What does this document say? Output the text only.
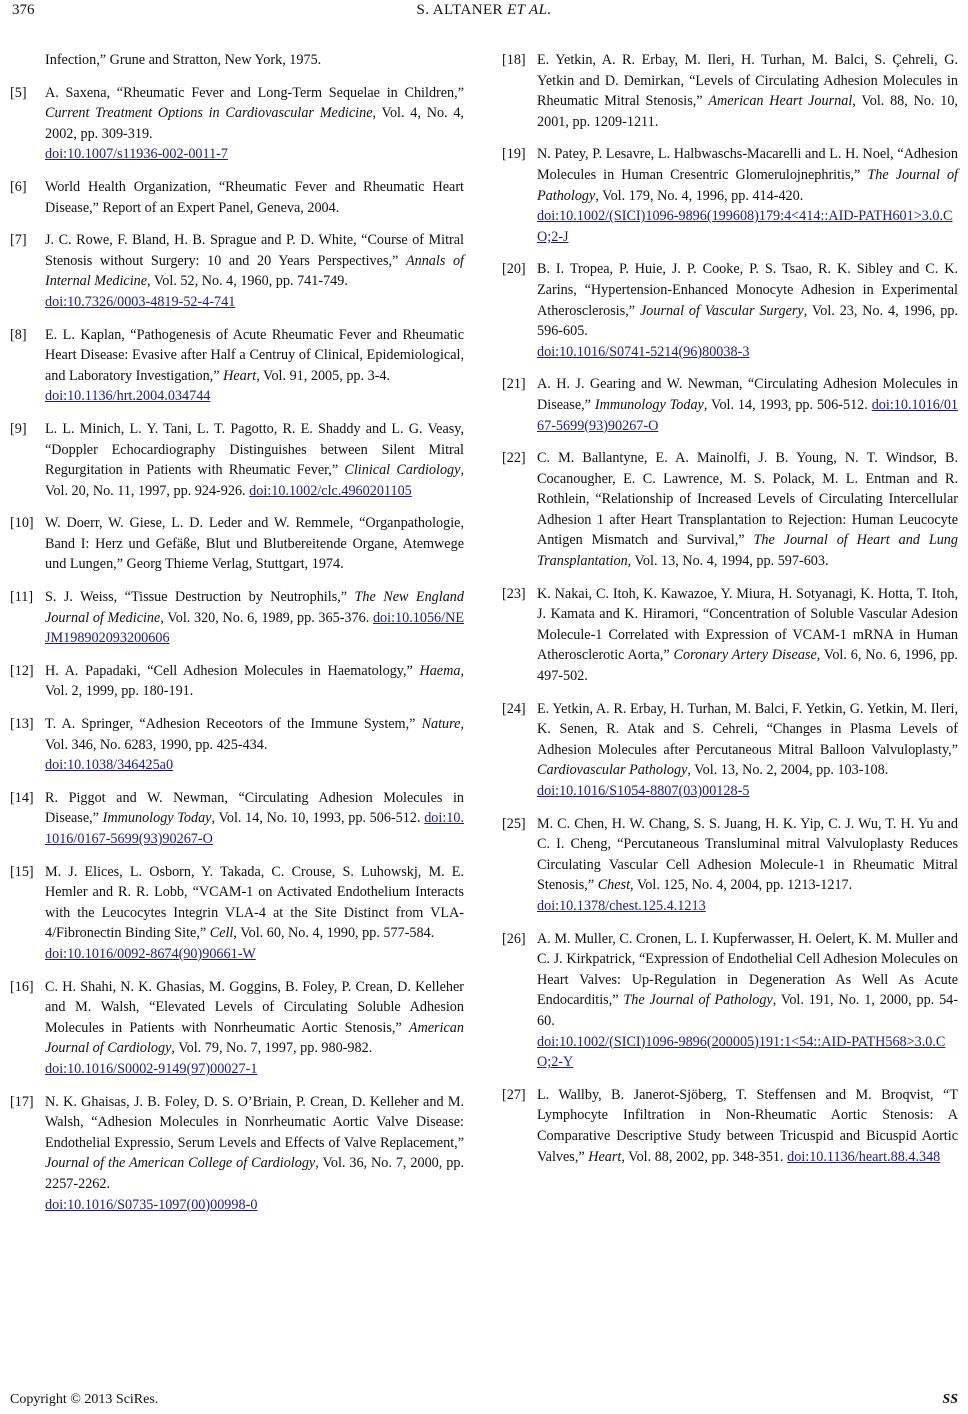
376	S. ALTANER ET AL.
Infection,” Grune and Stratton, New York, 1975.
[5] A. Saxena, “Rheumatic Fever and Long-Term Sequelae in Children,” Current Treatment Options in Cardiovascular Medicine, Vol. 4, No. 4, 2002, pp. 309-319.
doi:10.1007/s11936-002-0011-7
[6] World Health Organization, “Rheumatic Fever and Rheumatic Heart Disease,” Report of an Expert Panel, Geneva, 2004.
[7] J. C. Rowe, F. Bland, H. B. Sprague and P. D. White, “Course of Mitral Stenosis without Surgery: 10 and 20 Years Perspectives,” Annals of Internal Medicine, Vol. 52, No. 4, 1960, pp. 741-749.
doi:10.7326/0003-4819-52-4-741
[8] E. L. Kaplan, “Pathogenesis of Acute Rheumatic Fever and Rheumatic Heart Disease: Evasive after Half a Centruy of Clinical, Epidemiological, and Laboratory Investigation,” Heart, Vol. 91, 2005, pp. 3-4.
doi:10.1136/hrt.2004.034744
[9] L. L. Minich, L. Y. Tani, L. T. Pagotto, R. E. Shaddy and L. G. Veasy, “Doppler Echocardiography Distinguishes between Silent Mitral Regurgitation in Patients with Rheumatic Fever,” Clinical Cardiology, Vol. 20, No. 11, 1997, pp. 924-926. doi:10.1002/clc.4960201105
[10] W. Doerr, W. Giese, L. D. Leder and W. Remmele, “Organpathologie, Band I: Herz und Gefäße, Blut und Blutbereitende Organe, Atemwege und Lungen,” Georg Thieme Verlag, Stuttgart, 1974.
[11] S. J. Weiss, “Tissue Destruction by Neutrophils,” The New England Journal of Medicine, Vol. 320, No. 6, 1989, pp. 365-376. doi:10.1056/NEJM198902093200606
[12] H. A. Papadaki, “Cell Adhesion Molecules in Haematology,” Haema, Vol. 2, 1999, pp. 180-191.
[13] T. A. Springer, “Adhesion Receotors of the Immune System,” Nature, Vol. 346, No. 6283, 1990, pp. 425-434.
doi:10.1038/346425a0
[14] R. Piggot and W. Newman, “Circulating Adhesion Molecules in Disease,” Immunology Today, Vol. 14, No. 10, 1993, pp. 506-512. doi:10.1016/0167-5699(93)90267-O
[15] M. J. Elices, L. Osborn, Y. Takada, C. Crouse, S. Luhowskj, M. E. Hemler and R. R. Lobb, “VCAM-1 on Activated Endothelium Interacts with the Leucocytes Integrin VLA-4 at the Site Distinct from VLA-4/Fibronectin Binding Site,” Cell, Vol. 60, No. 4, 1990, pp. 577-584.
doi:10.1016/0092-8674(90)90661-W
[16] C. H. Shahi, N. K. Ghasias, M. Goggins, B. Foley, P. Crean, D. Kelleher and M. Walsh, “Elevated Levels of Circulating Soluble Adhesion Molecules in Patients with Nonrheumatic Aortic Stenosis,” American Journal of Cardiology, Vol. 79, No. 7, 1997, pp. 980-982.
doi:10.1016/S0002-9149(97)00027-1
[17] N. K. Ghaisas, J. B. Foley, D. S. O’Briain, P. Crean, D. Kelleher and M. Walsh, “Adhesion Molecules in Nonrheumatic Aortic Valve Disease: Endothelial Expressio, Serum Levels and Effects of Valve Replacement,” Journal of the American College of Cardiology, Vol. 36, No. 7, 2000, pp. 2257-2262.
doi:10.1016/S0735-1097(00)00998-0
[18] E. Yetkin, A. R. Erbay, M. Ileri, H. Turhan, M. Balci, S. Çehreli, G. Yetkin and D. Demirkan, “Levels of Circulating Adhesion Molecules in Rheumatic Mitral Stenosis,” American Heart Journal, Vol. 88, No. 10, 2001, pp. 1209-1211.
[19] N. Patey, P. Lesavre, L. Halbwaschs-Macarelli and L. H. Noel, “Adhesion Molecules in Human Cresentric Glomerulojnephritis,” The Journal of Pathology, Vol. 179, No. 4, 1996, pp. 414-420.
doi:10.1002/(SICI)1096-9896(199608)179:4<414::AID-PATH601>3.0.CO;2-J
[20] B. I. Tropea, P. Huie, J. P. Cooke, P. S. Tsao, R. K. Sibley and C. K. Zarins, “Hypertension-Enhanced Monocyte Adhesion in Experimental Atherosclerosis,” Journal of Vascular Surgery, Vol. 23, No. 4, 1996, pp. 596-605.
doi:10.1016/S0741-5214(96)80038-3
[21] A. H. J. Gearing and W. Newman, “Circulating Adhesion Molecules in Disease,” Immunology Today, Vol. 14, 1993, pp. 506-512. doi:10.1016/0167-5699(93)90267-O
[22] C. M. Ballantyne, E. A. Mainolfi, J. B. Young, N. T. Windsor, B. Cocanougher, E. C. Lawrence, M. S. Polack, M. L. Entman and R. Rothlein, “Relationship of Increased Levels of Circulating Intercellular Adhesion 1 after Heart Transplantation to Rejection: Human Leucocyte Antigen Mismatch and Survival,” The Journal of Heart and Lung Transplantation, Vol. 13, No. 4, 1994, pp. 597-603.
[23] K. Nakai, C. Itoh, K. Kawazoe, Y. Miura, H. Sotyanagi, K. Hotta, T. Itoh, J. Kamata and K. Hiramori, “Concentration of Soluble Vascular Adesion Molecule-1 Correlated with Expression of VCAM-1 mRNA in Human Atherosclerotic Aorta,” Coronary Artery Disease, Vol. 6, No. 6, 1996, pp. 497-502.
[24] E. Yetkin, A. R. Erbay, H. Turhan, M. Balci, F. Yetkin, G. Yetkin, M. Ileri, K. Senen, R. Atak and S. Cehreli, “Changes in Plasma Levels of Adhesion Molecules after Percutaneous Mitral Balloon Valvuloplasty,” Cardiovascular Pathology, Vol. 13, No. 2, 2004, pp. 103-108.
doi:10.1016/S1054-8807(03)00128-5
[25] M. C. Chen, H. W. Chang, S. S. Juang, H. K. Yip, C. J. Wu, T. H. Yu and C. I. Cheng, “Percutaneous Transluminal mitral Valvuloplasty Reduces Circulating Vascular Cell Adhesion Molecule-1 in Rheumatic Mitral Stenosis,” Chest, Vol. 125, No. 4, 2004, pp. 1213-1217.
doi:10.1378/chest.125.4.1213
[26] A. M. Muller, C. Cronen, L. I. Kupferwasser, H. Oelert, K. M. Muller and C. J. Kirkpatrick, “Expression of Endothelial Cell Adhesion Molecules on Heart Valves: Up-Regulation in Degeneration As Well As Acute Endocarditis,” The Journal of Pathology, Vol. 191, No. 1, 2000, pp. 54-60.
doi:10.1002/(SICI)1096-9896(200005)191:1<54::AID-PATH568>3.0.CO;2-Y
[27] L. Wallby, B. Janerot-Sjöberg, T. Steffensen and M. Broqvist, “T Lymphocyte Infiltration in Non-Rheumatic Aortic Stenosis: A Comparative Descriptive Study between Tricuspid and Bicuspid Aortic Valves,” Heart, Vol. 88, 2002, pp. 348-351. doi:10.1136/heart.88.4.348
Copyright © 2013 SciRes.	SS
